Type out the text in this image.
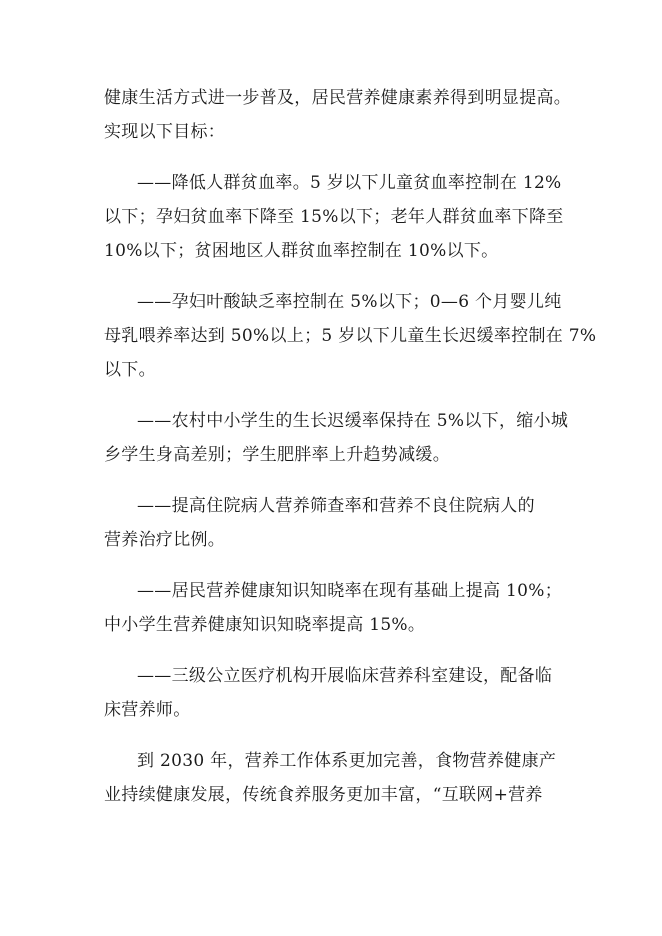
健康生活方式进一步普及，居民营养健康素养得到明显提高。
实现以下目标：
——降低人群贫血率。5 岁以下儿童贫血率控制在 12%
以下；孕妇贫血率下降至 15%以下；老年人群贫血率下降至
10%以下；贫困地区人群贫血率控制在 10%以下。
——孕妇叶酸缺乏率控制在 5%以下；0—6 个月婴儿纯
母乳喂养率达到 50%以上；5 岁以下儿童生长迟缓率控制在 7%
以下。
——农村中小学生的生长迟缓率保持在 5%以下，缩小城
乡学生身高差别；学生肥胖率上升趋势减缓。
——提高住院病人营养筛查率和营养不良住院病人的
营养治疗比例。
——居民营养健康知识知晓率在现有基础上提高 10%；
中小学生营养健康知识知晓率提高 15%。
——三级公立医疗机构开展临床营养科室建设，配备临
床营养师。
到 2030 年，营养工作体系更加完善，食物营养健康产
业持续健康发展，传统食养服务更加丰富，“互联网+营养
